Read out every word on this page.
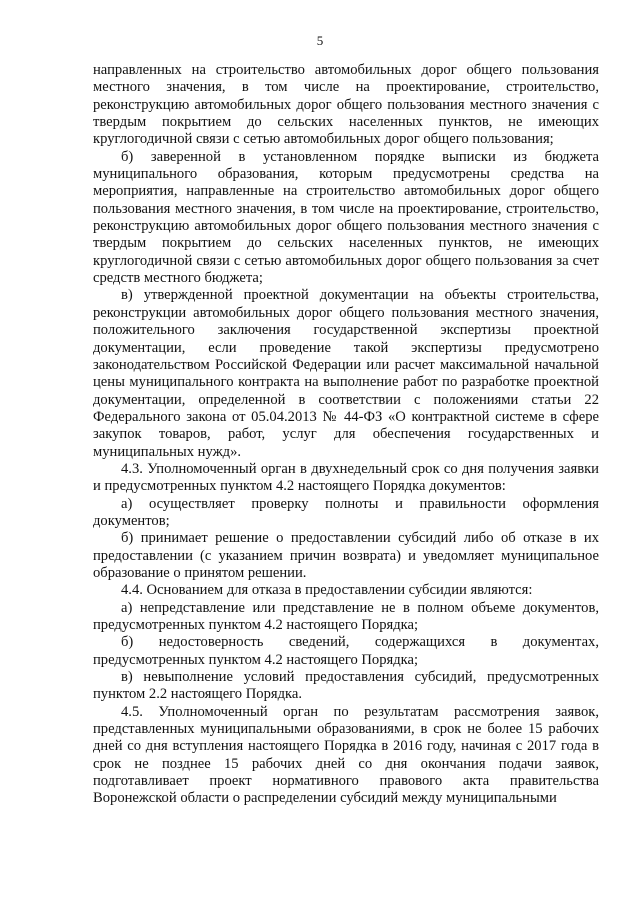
5

направленных на строительство автомобильных дорог общего пользования местного значения, в том числе на проектирование, строительство, реконструкцию автомобильных дорог общего пользования местного значения с твердым покрытием до сельских населенных пунктов, не имеющих круглогодичной связи с сетью автомобильных дорог общего пользования;

б) заверенной в установленном порядке выписки из бюджета муниципального образования, которым предусмотрены средства на мероприятия, направленные на строительство автомобильных дорог общего пользования местного значения, в том числе на проектирование, строительство, реконструкцию автомобильных дорог общего пользования местного значения с твердым покрытием до сельских населенных пунктов, не имеющих круглогодичной связи с сетью автомобильных дорог общего пользования за счет средств местного бюджета;

в) утвержденной проектной документации на объекты строительства, реконструкции автомобильных дорог общего пользования местного значения, положительного заключения государственной экспертизы проектной документации, если проведение такой экспертизы предусмотрено законодательством Российской Федерации или расчет максимальной начальной цены муниципального контракта на выполнение работ по разработке проектной документации, определенной в соответствии с положениями статьи 22 Федерального закона от 05.04.2013 № 44-ФЗ «О контрактной системе в сфере закупок товаров, работ, услуг для обеспечения государственных и муниципальных нужд».

4.3. Уполномоченный орган в двухнедельный срок со дня получения заявки и предусмотренных пунктом 4.2 настоящего Порядка документов:

а) осуществляет проверку полноты и правильности оформления документов;

б) принимает решение о предоставлении субсидий либо об отказе в их предоставлении (с указанием причин возврата) и уведомляет муниципальное образование о принятом решении.

4.4. Основанием для отказа в предоставлении субсидии являются:

а) непредставление или представление не в полном объеме документов, предусмотренных пунктом 4.2 настоящего Порядка;

б) недостоверность сведений, содержащихся в документах, предусмотренных пунктом 4.2 настоящего Порядка;

в) невыполнение условий предоставления субсидий, предусмотренных пунктом 2.2 настоящего Порядка.

4.5. Уполномоченный орган по результатам рассмотрения заявок, представленных муниципальными образованиями, в срок не более 15 рабочих дней со дня вступления настоящего Порядка в 2016 году, начиная с 2017 года в срок не позднее 15 рабочих дней со дня окончания подачи заявок, подготавливает проект нормативного правового акта правительства Воронежской области о распределении субсидий между муниципальными
